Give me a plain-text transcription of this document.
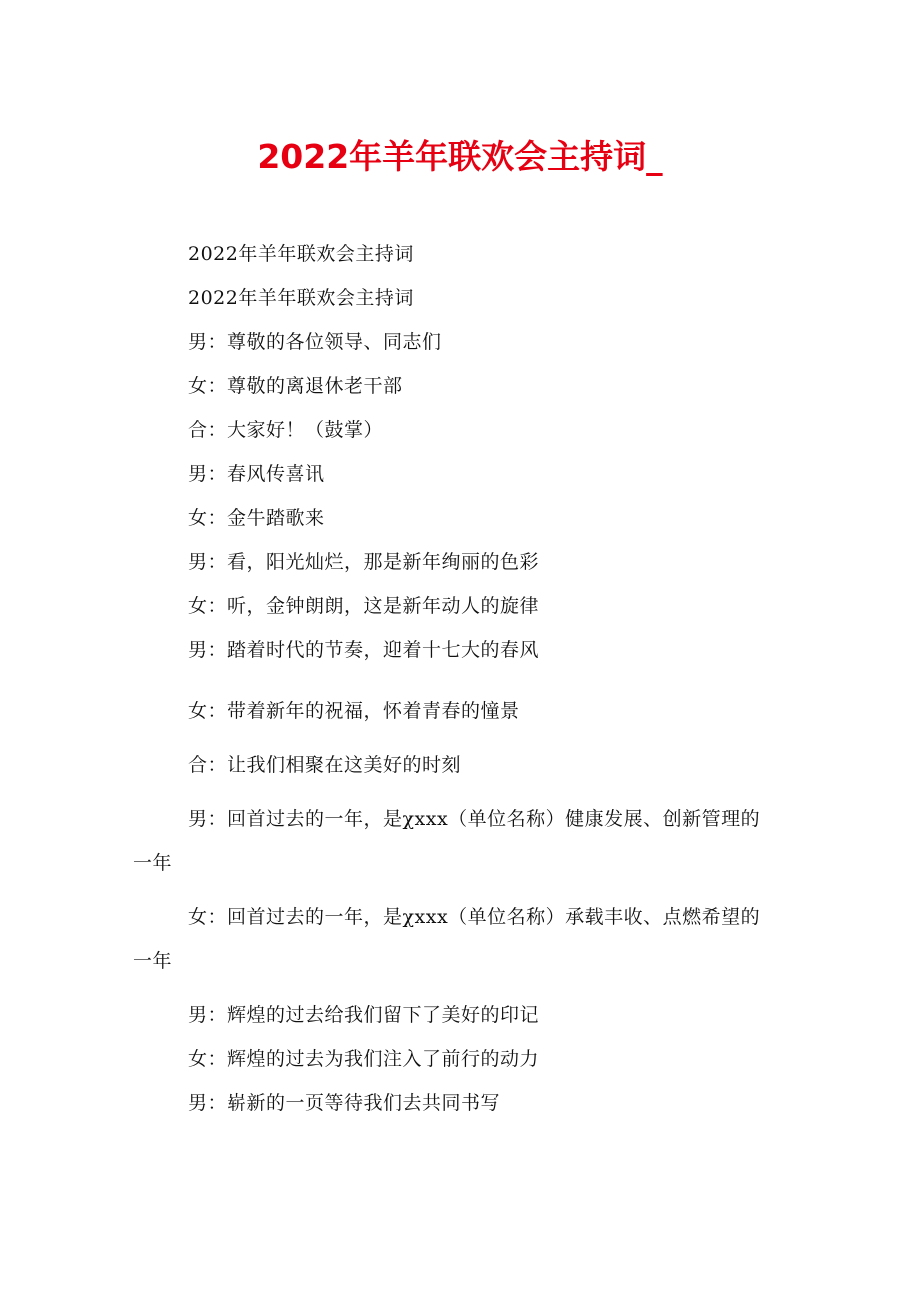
2022年羊年联欢会主持词_

2022年羊年联欢会主持词

2022年羊年联欢会主持词

男：尊敬的各位领导、同志们

女：尊敬的离退休老干部

合：大家好！（鼓掌）

男：春风传喜讯

女：金牛踏歌来

男：看，阳光灿烂，那是新年绚丽的色彩

女：听，金钟朗朗，这是新年动人的旋律

男：踏着时代的节奏，迎着十七大的春风

女：带着新年的祝福，怀着青春的憧景

合：让我们相聚在这美好的时刻

男：回首过去的一年，是χxxx（单位名称）健康发展、创新管理的一年

女：回首过去的一年，是χxxx（单位名称）承载丰收、点燃希望的一年

男：辉煌的过去给我们留下了美好的印记

女：辉煌的过去为我们注入了前行的动力

男：崭新的一页等待我们去共同书写
